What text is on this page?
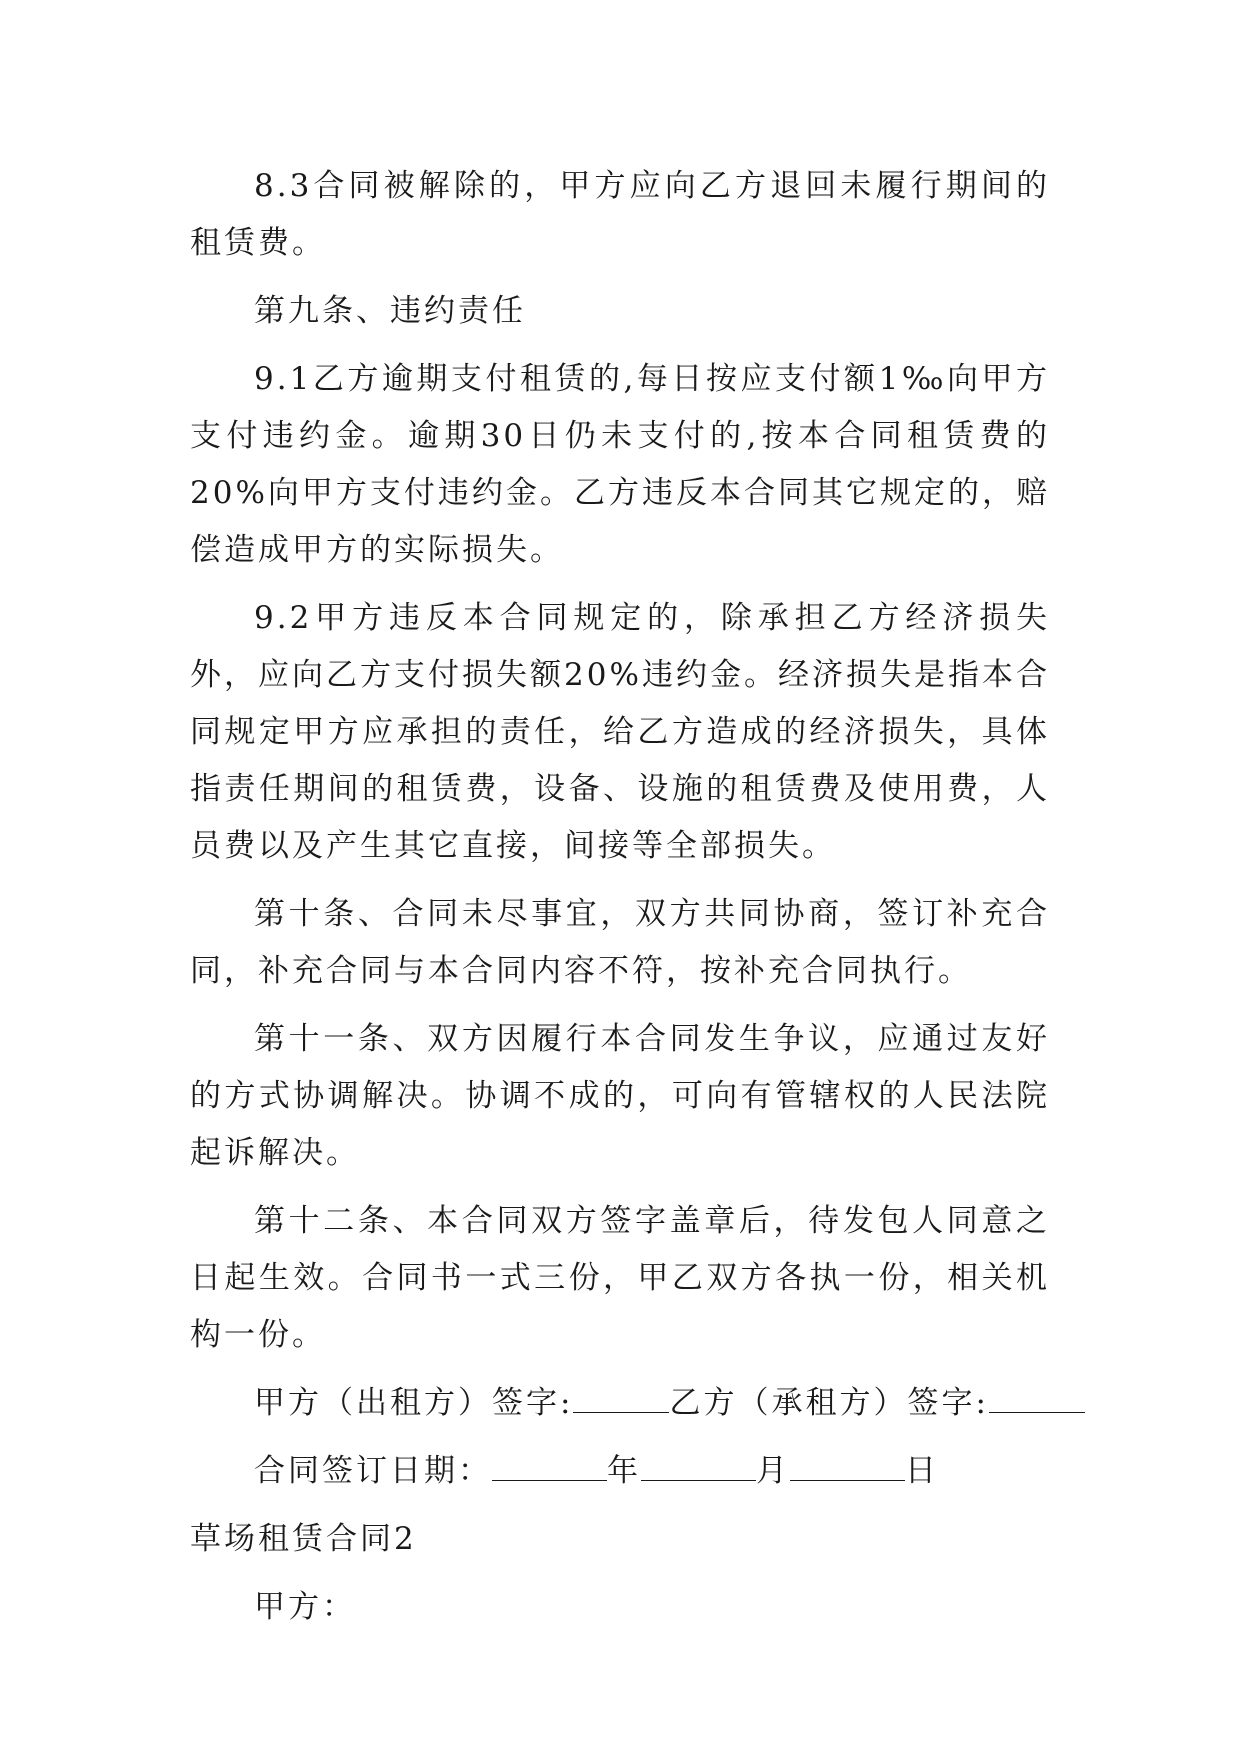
8.3合同被解除的，甲方应向乙方退回未履行期间的租赁费。

第九条、违约责任

9.1乙方逾期支付租赁的,每日按应支付额1‰向甲方支付违约金。逾期30日仍未支付的,按本合同租赁费的20%向甲方支付违约金。乙方违反本合同其它规定的，赔偿造成甲方的实际损失。

9.2甲方违反本合同规定的，除承担乙方经济损失外，应向乙方支付损失额20%违约金。经济损失是指本合同规定甲方应承担的责任，给乙方造成的经济损失，具体指责任期间的租赁费，设备、设施的租赁费及使用费，人员费以及产生其它直接，间接等全部损失。

第十条、合同未尽事宜，双方共同协商，签订补充合同，补充合同与本合同内容不符，按补充合同执行。

第十一条、双方因履行本合同发生争议，应通过友好的方式协调解决。协调不成的，可向有管辖权的人民法院起诉解决。

第十二条、本合同双方签字盖章后，待发包人同意之日起生效。合同书一式三份，甲乙双方各执一份，相关机构一份。

甲方（出租方）签字:	乙方（承租方）签字:
合同签订日期：	年	月	日

草场租赁合同2

甲方：
